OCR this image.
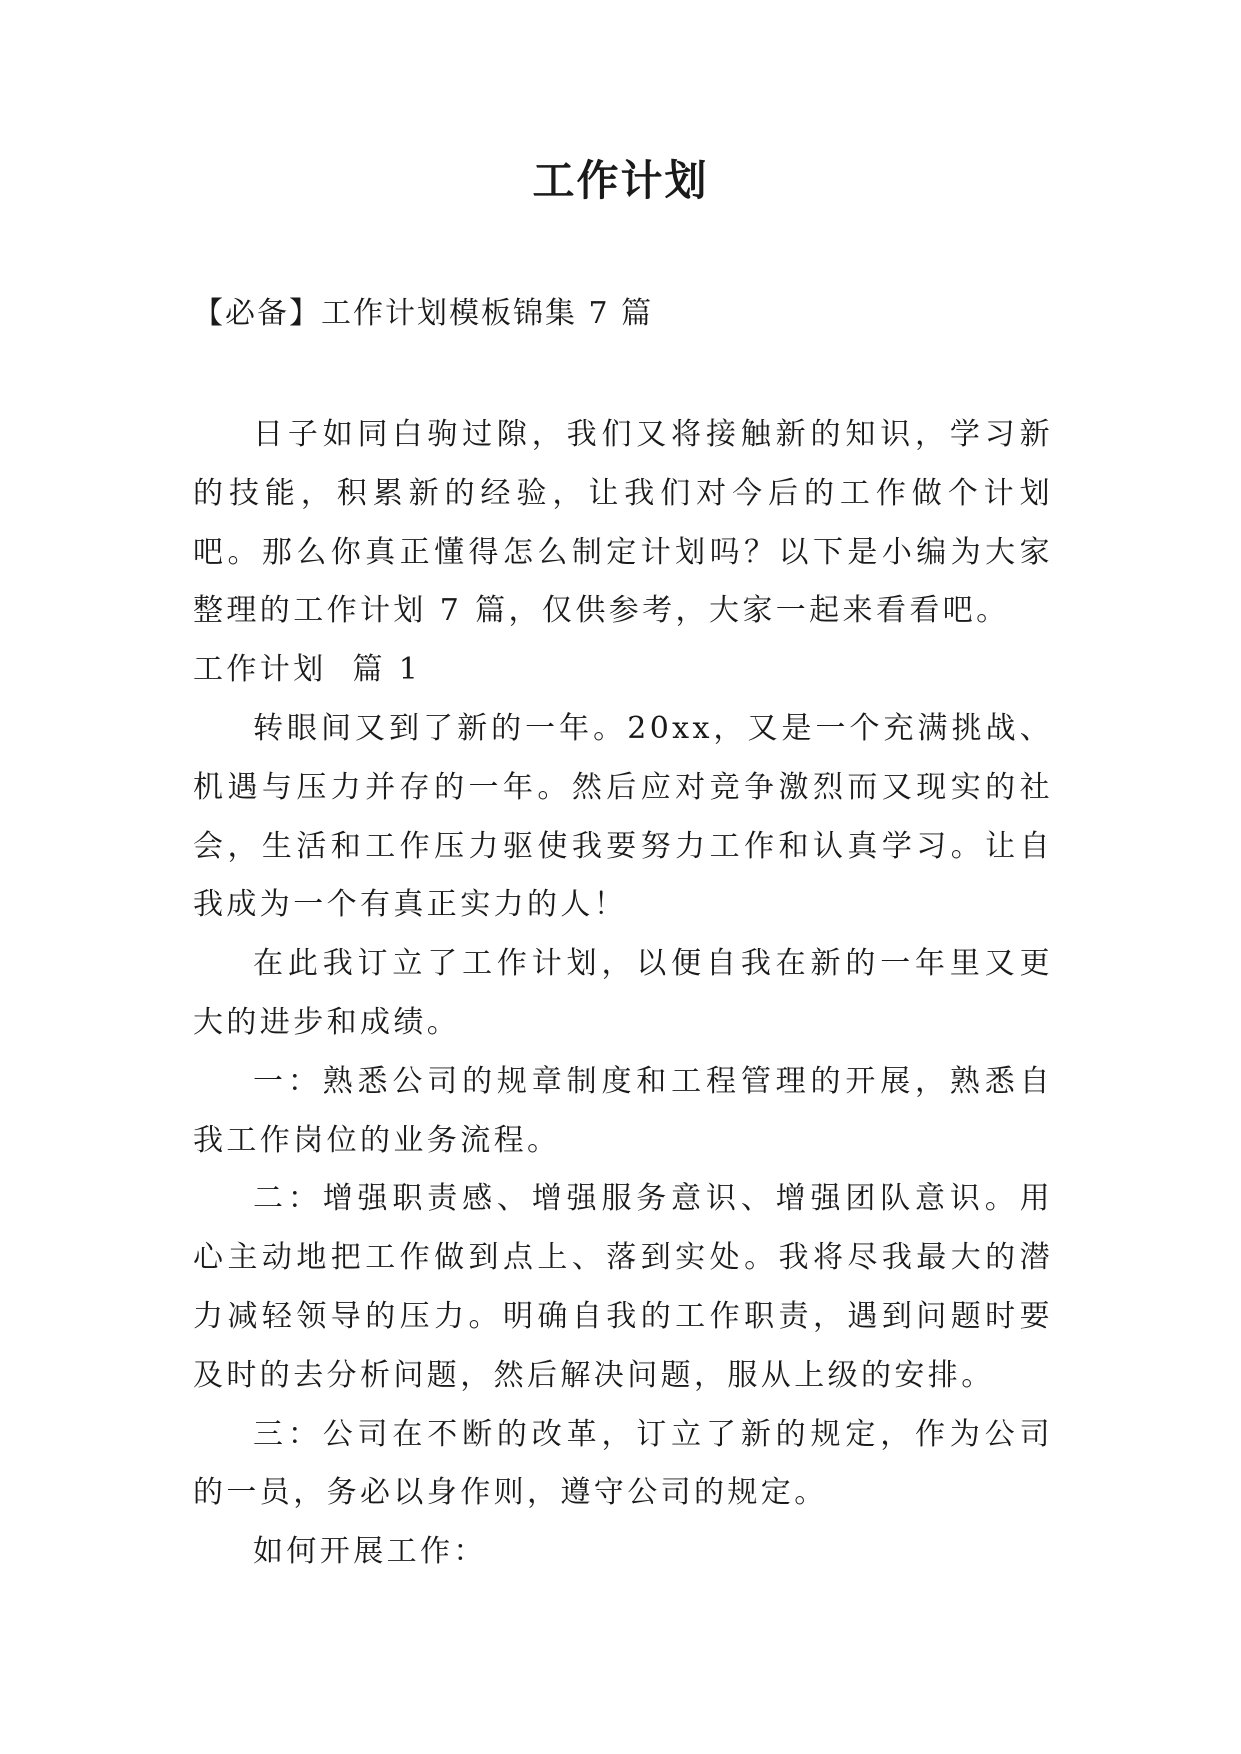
工作计划
【必备】工作计划模板锦集 7 篇

日子如同白驹过隙，我们又将接触新的知识，学习新的技能，积累新的经验，让我们对今后的工作做个计划吧。那么你真正懂得怎么制定计划吗？以下是小编为大家整理的工作计划 7 篇，仅供参考，大家一起来看看吧。

工作计划  篇 1

转眼间又到了新的一年。20xx，又是一个充满挑战、机遇与压力并存的一年。然后应对竞争激烈而又现实的社会，生活和工作压力驱使我要努力工作和认真学习。让自我成为一个有真正实力的人！

在此我订立了工作计划，以便自我在新的一年里又更大的进步和成绩。

一：熟悉公司的规章制度和工程管理的开展，熟悉自我工作岗位的业务流程。

二：增强职责感、增强服务意识、增强团队意识。用心主动地把工作做到点上、落到实处。我将尽我最大的潜力减轻领导的压力。明确自我的工作职责，遇到问题时要及时的去分析问题，然后解决问题，服从上级的安排。

三：公司在不断的改革，订立了新的规定，作为公司的一员，务必以身作则，遵守公司的规定。

如何开展工作：
